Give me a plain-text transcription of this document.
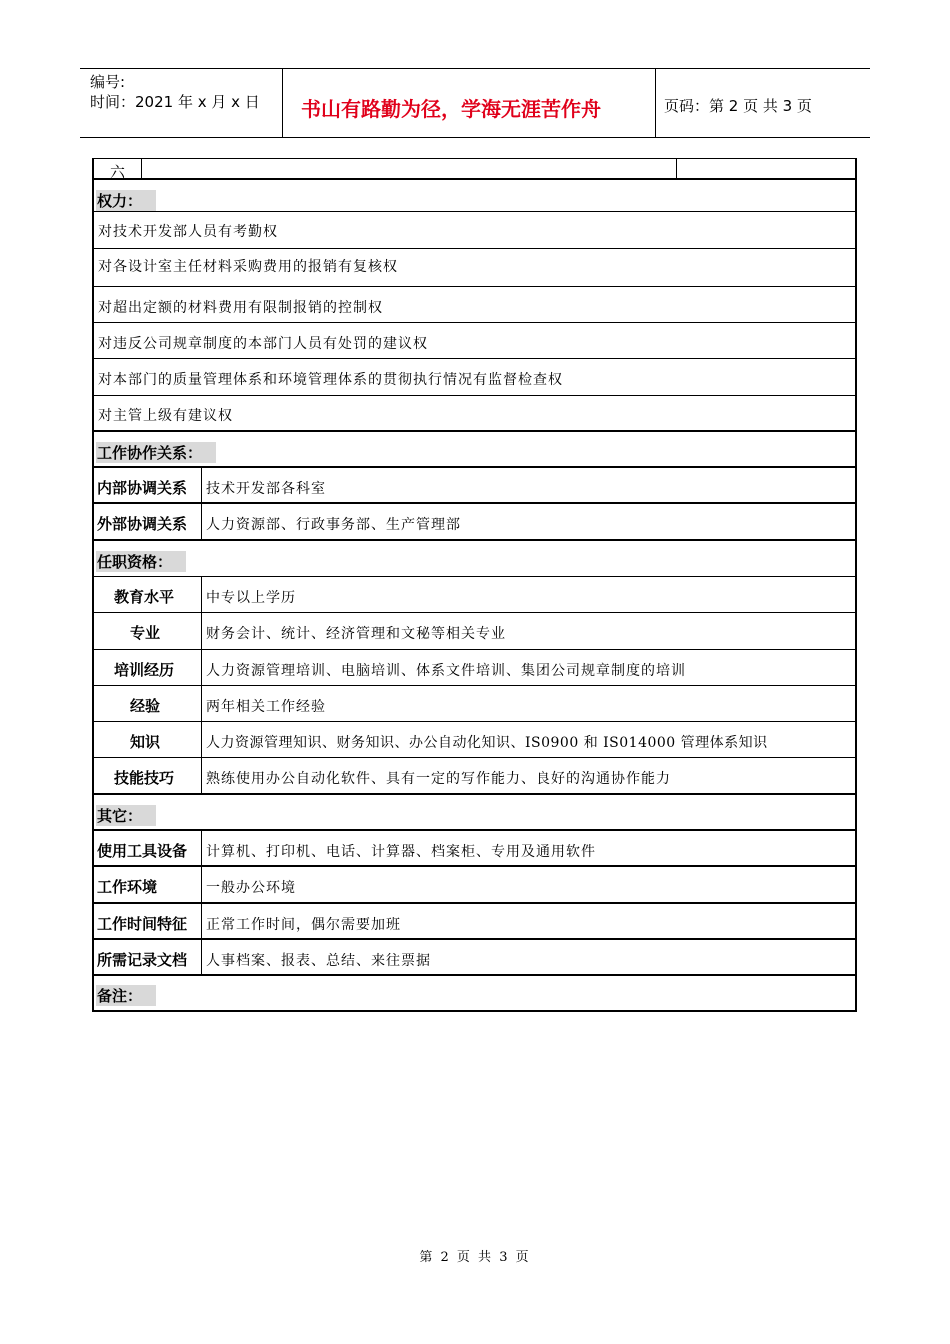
编号:
时间：2021 年 x 月 x 日 书山有路勤为径，学海无涯苦作舟	页码：第 2 页 共 3 页
六
权力：
对技术开发部人员有考勤权
对各设计室主任材料采购费用的报销有复核权
对超出定额的材料费用有限制报销的控制权
对违反公司规章制度的本部门人员有处罚的建议权
对本部门的质量管理体系和环境管理体系的贯彻执行情况有监督检查权
对主管上级有建议权
工作协作关系：
内部协调关系 技术开发部各科室
外部协调关系 人力资源部、行政事务部、生产管理部
任职资格：
教育水平 中专以上学历
专业	财务会计、统计、经济管理和文秘等相关专业
培训经历 人力资源管理培训、电脑培训、体系文件培训、集团公司规章制度的培训
经验	两年相关工作经验
知识	人力资源管理知识、财务知识、办公自动化知识、IS0900 和 IS014000 管理体系知识
技能技巧 熟练使用办公自动化软件、具有一定的写作能力、良好的沟通协作能力
其它：
使用工具设备 计算机、打印机、电话、计算器、档案柜、专用及通用软件
工作环境	一般办公环境
工作时间特征 正常工作时间，偶尔需要加班
所需记录文档 人事档案、报表、总结、来往票据
备注：
第 2 页 共 3 页
